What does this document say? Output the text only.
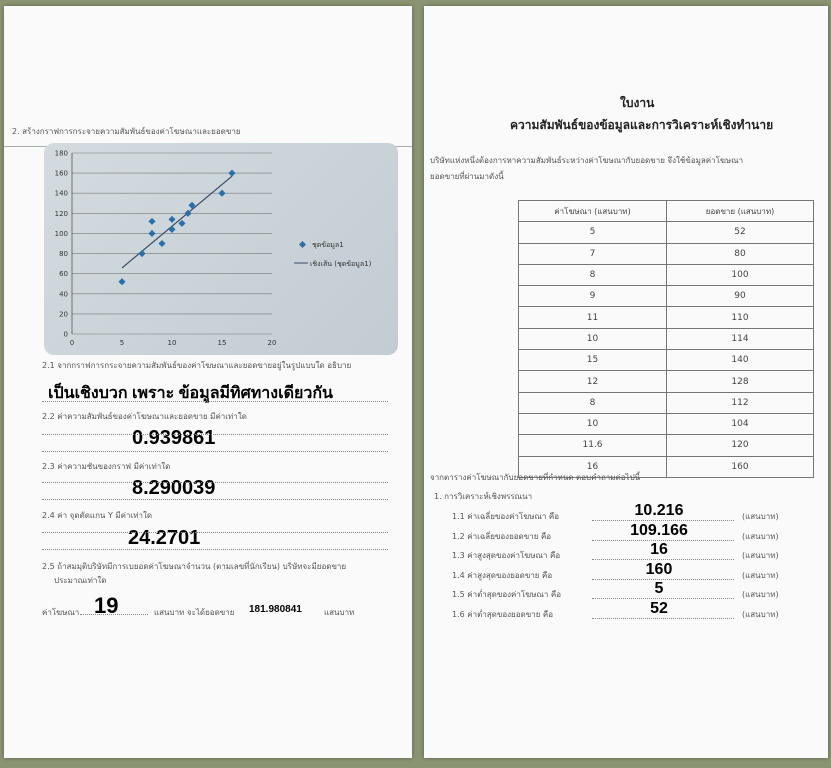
2. สร้างกราฟการกระจายความสัมพันธ์ของค่าโฆษณาและยอดขาย
0
20
40
60
80
100
120
140
160
180
0	5	10	15	20
ชุดข้อมูล1
เชิงเส้น (ชุดข้อมูล1)
2.1 จากกราฟการกระจายความสัมพันธ์ของค่าโฆษณาและยอดขายอยู่ในรูปแบบใด อธิบาย
เป็นเชิงบวก เพราะ ข้อมูลมีทิศทางเดียวกัน
2.2 ค่าความสัมพันธ์ของค่าโฆษณาและยอดขาย มีค่าเท่าใด
0.939861
2.3 ค่าความชันของกราฟ มีค่าเท่าใด
8.290039
2.4 ค่า จุดตัดแกน Y มีค่าเท่าใด
24.2701
2.5 ถ้าสมมุติบริษัทมีการเบยอดค่าโฆษณาจำนวน (ตามเลขที่นักเรียน) บริษัทจะมียอดขาย
ประมาณเท่าใด
ค่าโฆษณา 19	แสนบาท จะได้ยอดขาย 181.980841	แสนบาท
ใบงาน
ความสัมพันธ์ของข้อมูลและการวิเคราะห์เชิงทำนาย
บริษัทแห่งหนึ่งต้องการหาความสัมพันธ์ระหว่างค่าโฆษณากับยอดขาย จึงใช้ข้อมูลค่าโฆษณา
ยอดขายที่ผ่านมาดังนี้
ค่าโฆษณา (แสนบาท)	ยอดขาย (แสนบาท)
5	52
7	80
8	100
9	90
11	110
10	114
15	140
12	128
8	112
10	104
11.6	120
16	160
จากตารางค่าโฆษณากับยอดขายที่กำหนด ตอบคำถามต่อไปนี้
1. การวิเคราะห์เชิงพรรณนา
1.1 ค่าเฉลี่ยของค่าโฆษณา คือ	10.216	(แสนบาท)
1.2 ค่าเฉลี่ยของยอดขาย คือ	109.166	(แสนบาท)
1.3 ค่าสูงสุดของค่าโฆษณา คือ	16	(แสนบาท)
1.4 ค่าสูงสุดของยอดขาย คือ	160	(แสนบาท)
1.5 ค่าต่ำสุดของค่าโฆษณา คือ	5	(แสนบาท)
1.6 ค่าต่ำสุดของยอดขาย คือ	52	(แสนบาท)
